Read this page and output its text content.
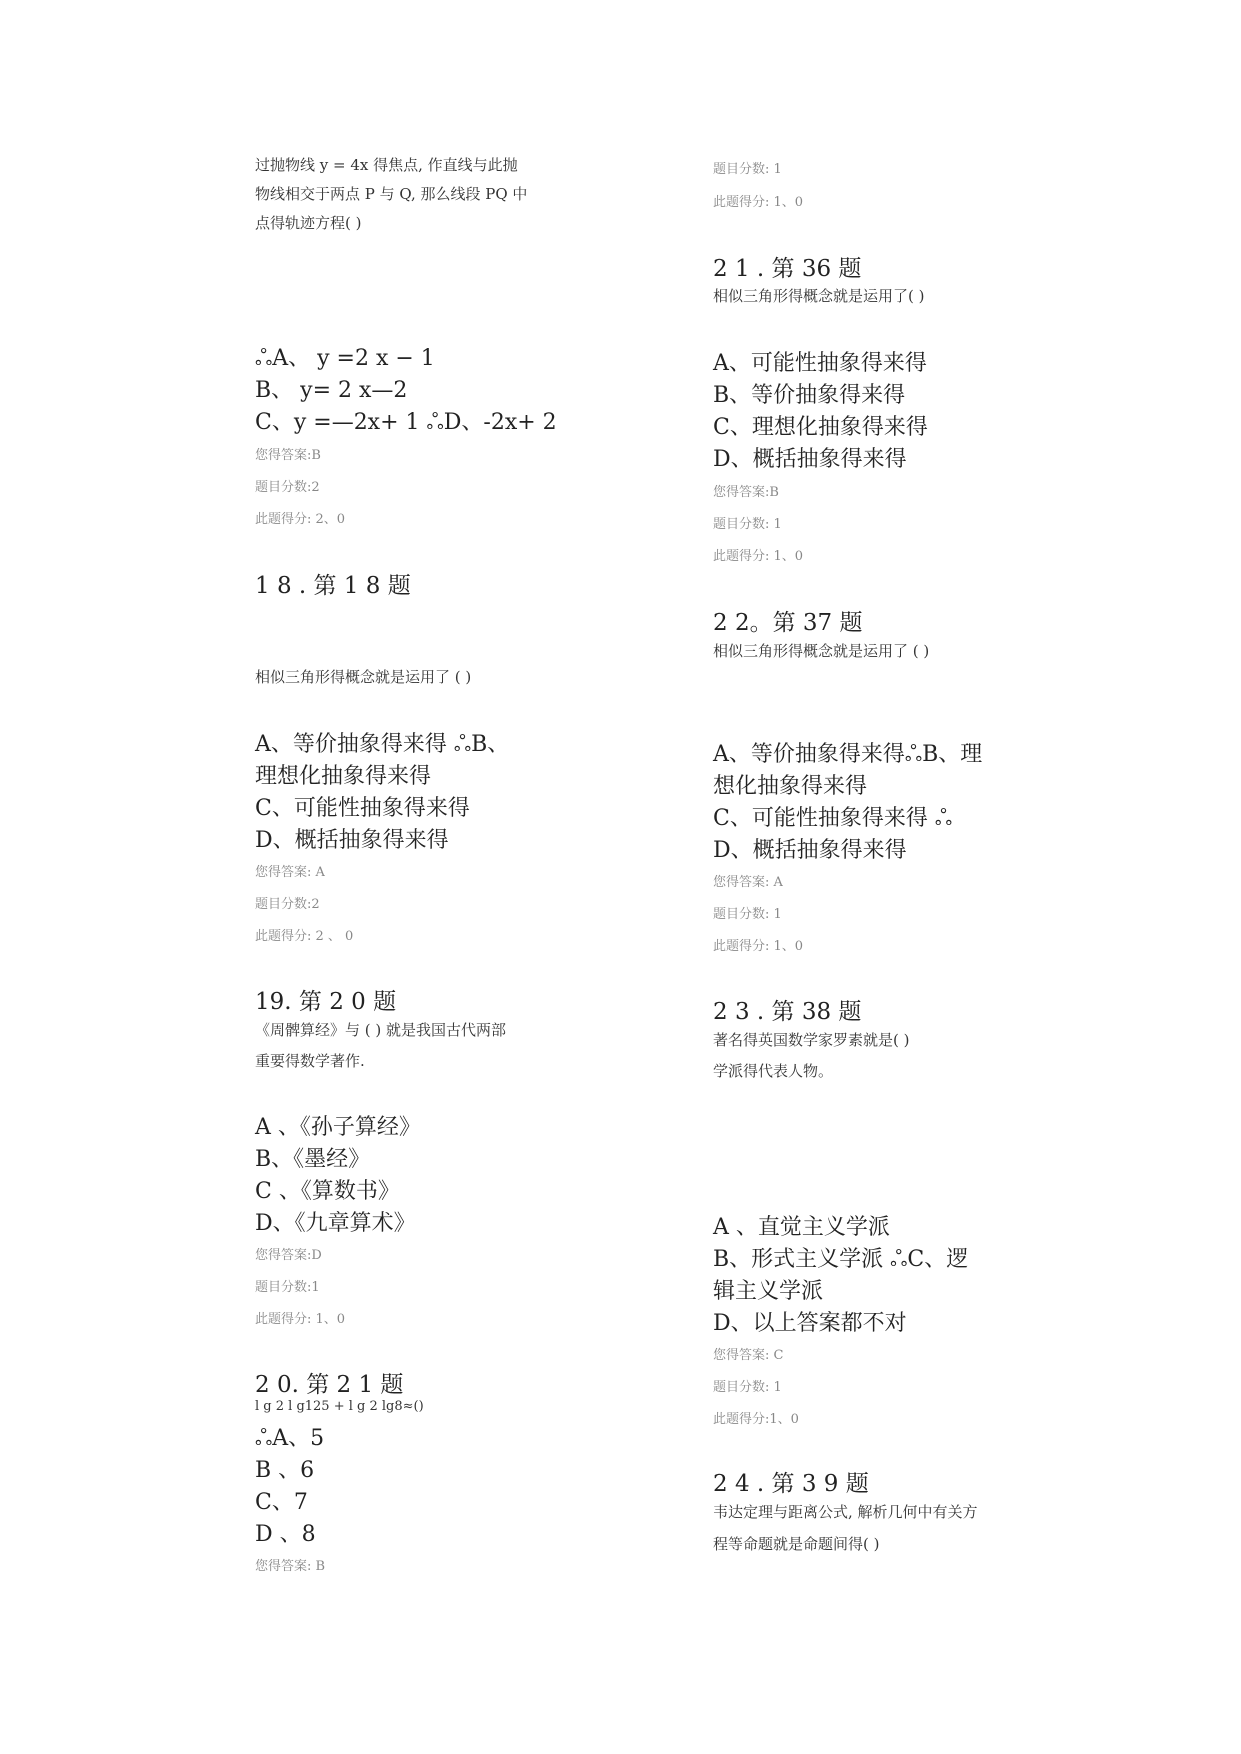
过抛物线 y = 4x 得焦点, 作直线与此抛
物线相交于两点 P 与 Q, 那么线段 PQ 中
点得轨迹方程( )
ஃA、 y =2 x − 1
B、 y= 2 x—2
C、y =—2x+ 1 ஃD、-2x+ 2
您得答案:B
题目分数:2
此题得分: 2、0
1 8 . 第 1 8 题
相似三角形得概念就是运用了 ( )
A、等价抽象得来得 ஃB、
理想化抽象得来得
C、可能性抽象得来得
D、概括抽象得来得
您得答案: A
题目分数:2
此题得分: 2 、 0
19. 第 2 0 题
《周髀算经》与 ( ) 就是我国古代两部
重要得数学著作.
A 、《孙子算经》
B、《墨经》
C 、《算数书》
D、《九章算术》
您得答案:D
题目分数:1
此题得分: 1、0
2 0. 第 2 1 题
l g 2 l g125 + l g 2 lg8≈()
ஃA、5
B 、6
C、7
D 、8
您得答案: B
题目分数: 1
此题得分: 1、0
2 1 . 第 36 题
相似三角形得概念就是运用了( )
A、可能性抽象得来得
B、等价抽象得来得
C、理想化抽象得来得
D、概括抽象得来得
您得答案:B
题目分数: 1
此题得分: 1、0
2 2。第 37 题
相似三角形得概念就是运用了 ( )
A、等价抽象得来得ஃB、理
想化抽象得来得
C、可能性抽象得来得 ஃ
D、概括抽象得来得
您得答案: A
题目分数: 1
此题得分: 1、0
2 3 . 第 38 题
著名得英国数学家罗素就是( )
学派得代表人物。
A 、直觉主义学派
B、形式主义学派 ஃC、逻
辑主义学派
D、以上答案都不对
您得答案: C
题目分数: 1
此题得分:1、0
2 4 . 第 3 9 题
韦达定理与距离公式, 解析几何中有关方
程等命题就是命题间得( )
